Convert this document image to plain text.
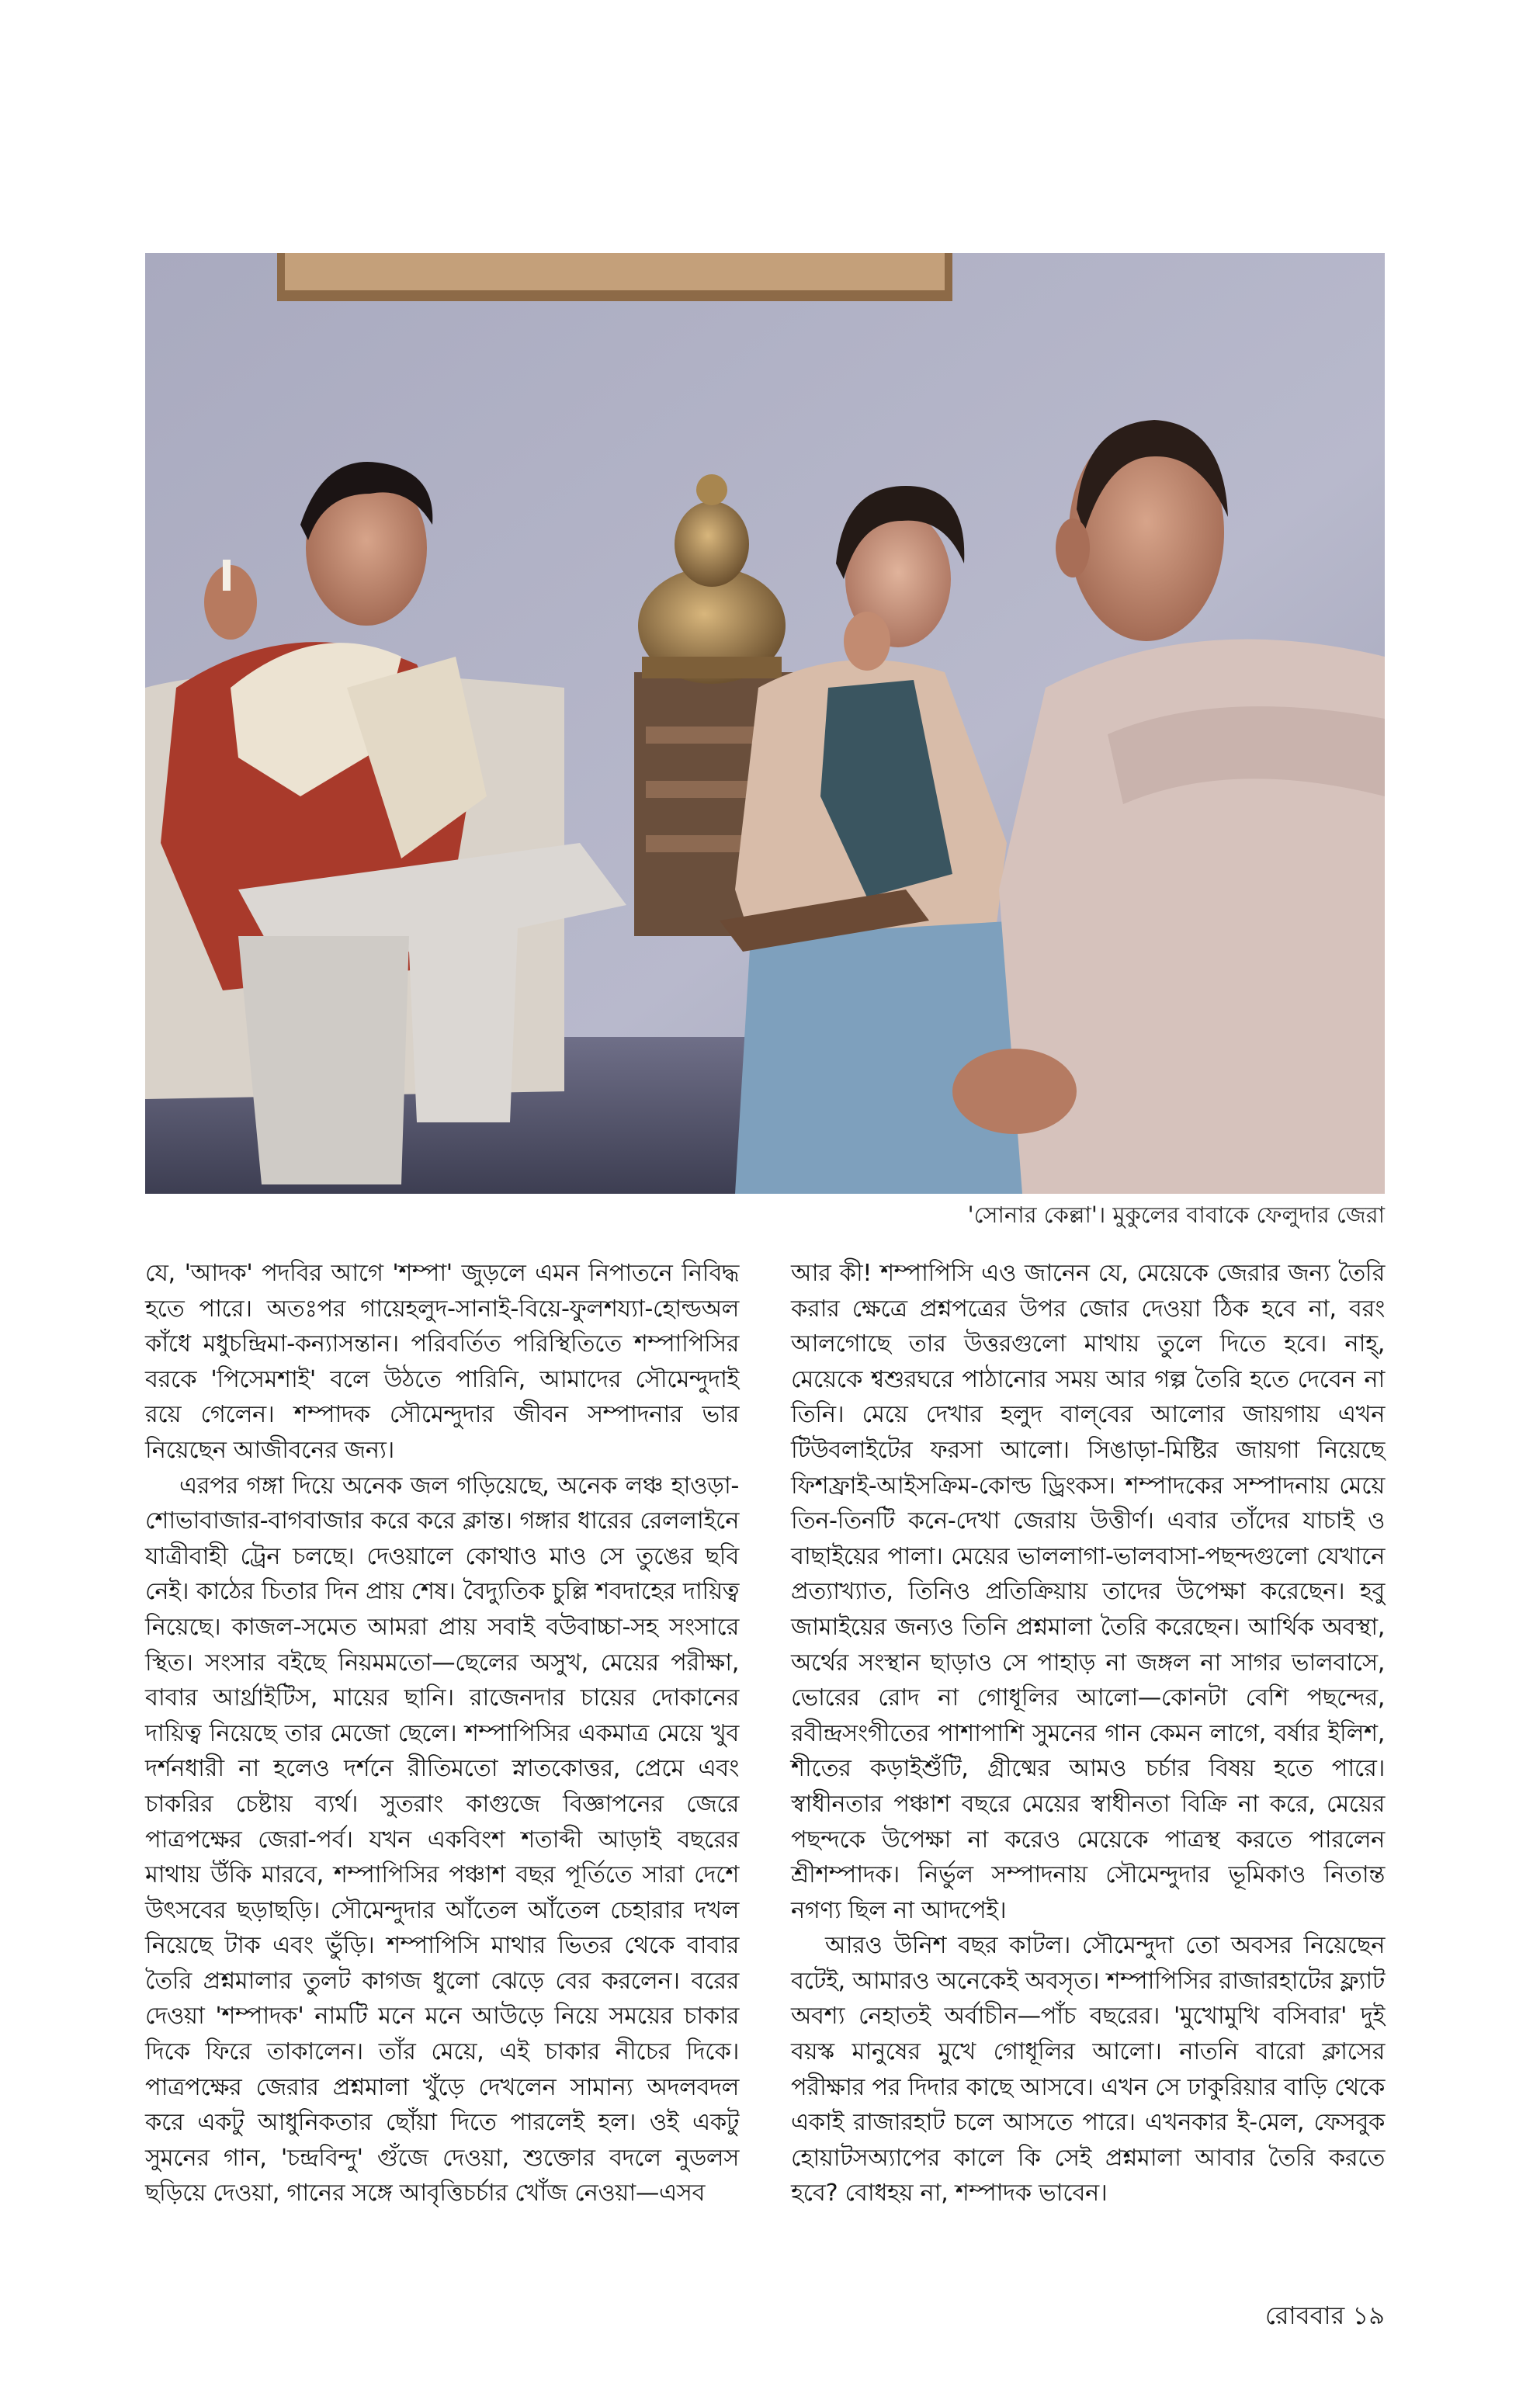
'সোনার কেল্লা'। মুকুলের বাবাকে ফেলুদার জেরা

যে, 'আদক' পদবির আগে 'শম্পা' জুড়লে এমন নিপাতনে নিবিদ্ধ হতে পারে। অতঃপর গায়েহলুদ-সানাই-বিয়ে-ফুলশয্যা-হোল্ডঅল কাঁধে মধুচন্দ্রিমা-কন্যাসন্তান। পরিবর্তিত পরিস্থিতিতে শম্পাপিসির বরকে 'পিসেমশাই' বলে উঠতে পারিনি, আমাদের সৌমেন্দুদাই রয়ে গেলেন। শম্পাদক সৌমেন্দুদার জীবন সম্পাদনার ভার নিয়েছেন আজীবনের জন্য।

এরপর গঙ্গা দিয়ে অনেক জল গড়িয়েছে, অনেক লঞ্চ হাওড়া-শোভাবাজার-বাগবাজার করে করে ক্লান্ত। গঙ্গার ধারের রেললাইনে যাত্রীবাহী ট্রেন চলছে। দেওয়ালে কোথাও মাও সে তুঙের ছবি নেই। কাঠের চিতার দিন প্রায় শেষ। বৈদ্যুতিক চুল্লি শবদাহের দায়িত্ব নিয়েছে। কাজল-সমেত আমরা প্রায় সবাই বউবাচ্চা-সহ সংসারে স্থিত। সংসার বইছে নিয়মমতো—ছেলের অসুখ, মেয়ের পরীক্ষা, বাবার আর্থ্রাইটিস, মায়ের ছানি। রাজেনদার চায়ের দোকানের দায়িত্ব নিয়েছে তার মেজো ছেলে। শম্পাপিসির একমাত্র মেয়ে খুব দর্শনধারী না হলেও দর্শনে রীতিমতো স্নাতকোত্তর, প্রেমে এবং চাকরির চেষ্টায় ব্যর্থ। সুতরাং কাগুজে বিজ্ঞাপনের জেরে পাত্রপক্ষের জেরা-পর্ব। যখন একবিংশ শতাব্দী আড়াই বছরের মাথায় উঁকি মারবে, শম্পাপিসির পঞ্চাশ বছর পূর্তিতে সারা দেশে উৎসবের ছড়াছড়ি। সৌমেন্দুদার আঁতেল আঁতেল চেহারার দখল নিয়েছে টাক এবং ভুঁড়ি। শম্পাপিসি মাথার ভিতর থেকে বাবার তৈরি প্রশ্নমালার তুলট কাগজ ধুলো ঝেড়ে বের করলেন। বরের দেওয়া 'শম্পাদক' নামটি মনে মনে আউড়ে নিয়ে সময়ের চাকার দিকে ফিরে তাকালেন। তাঁর মেয়ে, এই চাকার নীচের দিকে। পাত্রপক্ষের জেরার প্রশ্নমালা খুঁড়ে দেখলেন সামান্য অদলবদল করে একটু আধুনিকতার ছোঁয়া দিতে পারলেই হল। ওই একটু সুমনের গান, 'চন্দ্রবিন্দু' গুঁজে দেওয়া, শুক্তোর বদলে নুডলস ছড়িয়ে দেওয়া, গানের সঙ্গে আবৃত্তিচর্চার খোঁজ নেওয়া—এসব

আর কী! শম্পাপিসি এও জানেন যে, মেয়েকে জেরার জন্য তৈরি করার ক্ষেত্রে প্রশ্নপত্রের উপর জোর দেওয়া ঠিক হবে না, বরং আলগোছে তার উত্তরগুলো মাথায় তুলে দিতে হবে। নাহ্‌, মেয়েকে শ্বশুরঘরে পাঠানোর সময় আর গল্প তৈরি হতে দেবেন না তিনি। মেয়ে দেখার হলুদ বাল্‌বের আলোর জায়গায় এখন টিউবলাইটের ফরসা আলো। সিঙাড়া-মিষ্টির জায়গা নিয়েছে ফিশফ্রাই-আইসক্রিম-কোল্ড ড্রিংকস। শম্পাদকের সম্পাদনায় মেয়ে তিন-তিনটি কনে-দেখা জেরায় উত্তীর্ণ। এবার তাঁদের যাচাই ও বাছাইয়ের পালা। মেয়ের ভাললাগা-ভালবাসা-পছন্দগুলো যেখানে প্রত্যাখ্যাত, তিনিও প্রতিক্রিয়ায় তাদের উপেক্ষা করেছেন। হবু জামাইয়ের জন্যও তিনি প্রশ্নমালা তৈরি করেছেন। আর্থিক অবস্থা, অর্থের সংস্থান ছাড়াও সে পাহাড় না জঙ্গল না সাগর ভালবাসে, ভোরের রোদ না গোধূলির আলো—কোনটা বেশি পছন্দের, রবীন্দ্রসংগীতের পাশাপাশি সুমনের গান কেমন লাগে, বর্ষার ইলিশ, শীতের কড়াইশুঁটি, গ্রীষ্মের আমও চর্চার বিষয় হতে পারে। স্বাধীনতার পঞ্চাশ বছরে মেয়ের স্বাধীনতা বিক্রি না করে, মেয়ের পছন্দকে উপেক্ষা না করেও মেয়েকে পাত্রস্থ করতে পারলেন শ্রীশম্পাদক। নির্ভুল সম্পাদনায় সৌমেন্দুদার ভূমিকাও নিতান্ত নগণ্য ছিল না আদপেই।

আরও উনিশ বছর কাটল। সৌমেন্দুদা তো অবসর নিয়েছেন বটেই, আমারও অনেকেই অবসৃত। শম্পাপিসির রাজারহাটের ফ্ল্যাট অবশ্য নেহাতই অর্বাচীন—পাঁচ বছরের। 'মুখোমুখি বসিবার' দুই বয়স্ক মানুষের মুখে গোধূলির আলো। নাতনি বারো ক্লাসের পরীক্ষার পর দিদার কাছে আসবে। এখন সে ঢাকুরিয়ার বাড়ি থেকে একাই রাজারহাট চলে আসতে পারে। এখনকার ই-মেল, ফেসবুক হোয়াটসঅ্যাপের কালে কি সেই প্রশ্নমালা আবার তৈরি করতে হবে? বোধহয় না, শম্পাদক ভাবেন।

রোববার ১৯
